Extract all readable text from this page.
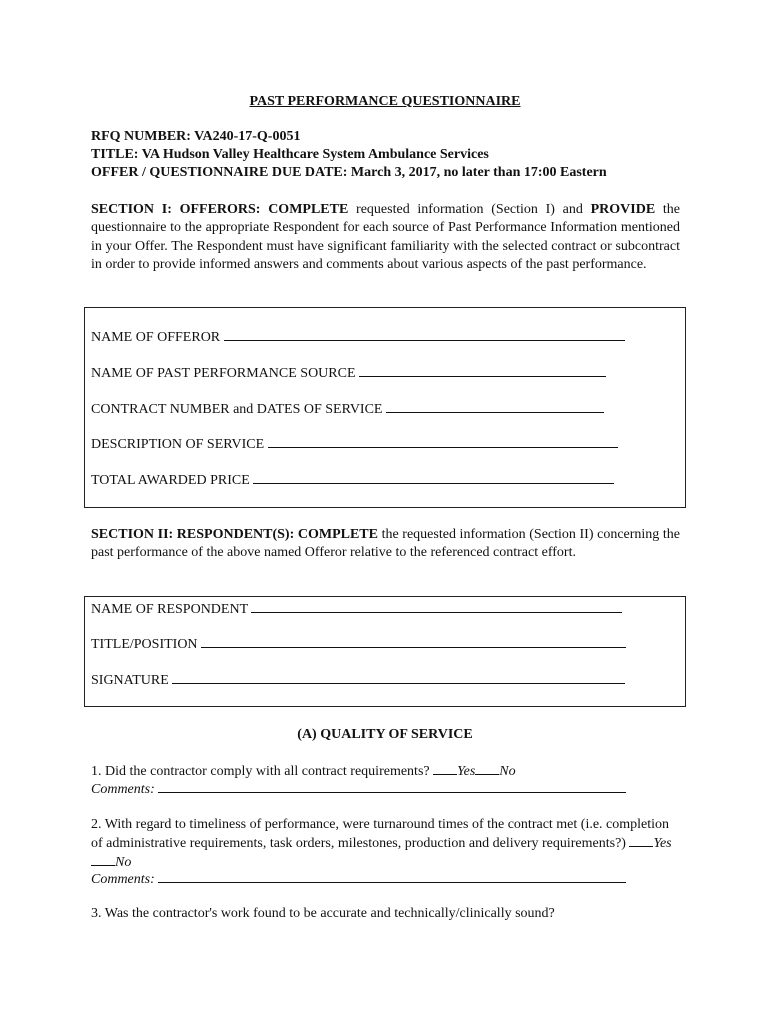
PAST PERFORMANCE QUESTIONNAIRE
RFQ NUMBER: VA240-17-Q-0051
TITLE: VA Hudson Valley Healthcare System Ambulance Services
OFFER / QUESTIONNAIRE DUE DATE: March 3, 2017, no later than 17:00 Eastern
SECTION I: OFFERORS: COMPLETE requested information (Section I) and PROVIDE the questionnaire to the appropriate Respondent for each source of Past Performance Information mentioned in your Offer. The Respondent must have significant familiarity with the selected contract or subcontract in order to provide informed answers and comments about various aspects of the past performance.
NAME OF OFFEROR
NAME OF PAST PERFORMANCE SOURCE
CONTRACT NUMBER and DATES OF SERVICE
DESCRIPTION OF SERVICE
TOTAL AWARDED PRICE
SECTION II: RESPONDENT(S): COMPLETE the requested information (Section II) concerning the past performance of the above named Offeror relative to the referenced contract effort.
NAME OF RESPONDENT
TITLE/POSITION
SIGNATURE
(A) QUALITY OF SERVICE
1. Did the contractor comply with all contract requirements? Yes No
Comments:
2. With regard to timeliness of performance, were turnaround times of the contract met (i.e. completion of administrative requirements, task orders, milestones, production and delivery requirements?) Yes No
Comments:
3. Was the contractor's work found to be accurate and technically/clinically sound?
